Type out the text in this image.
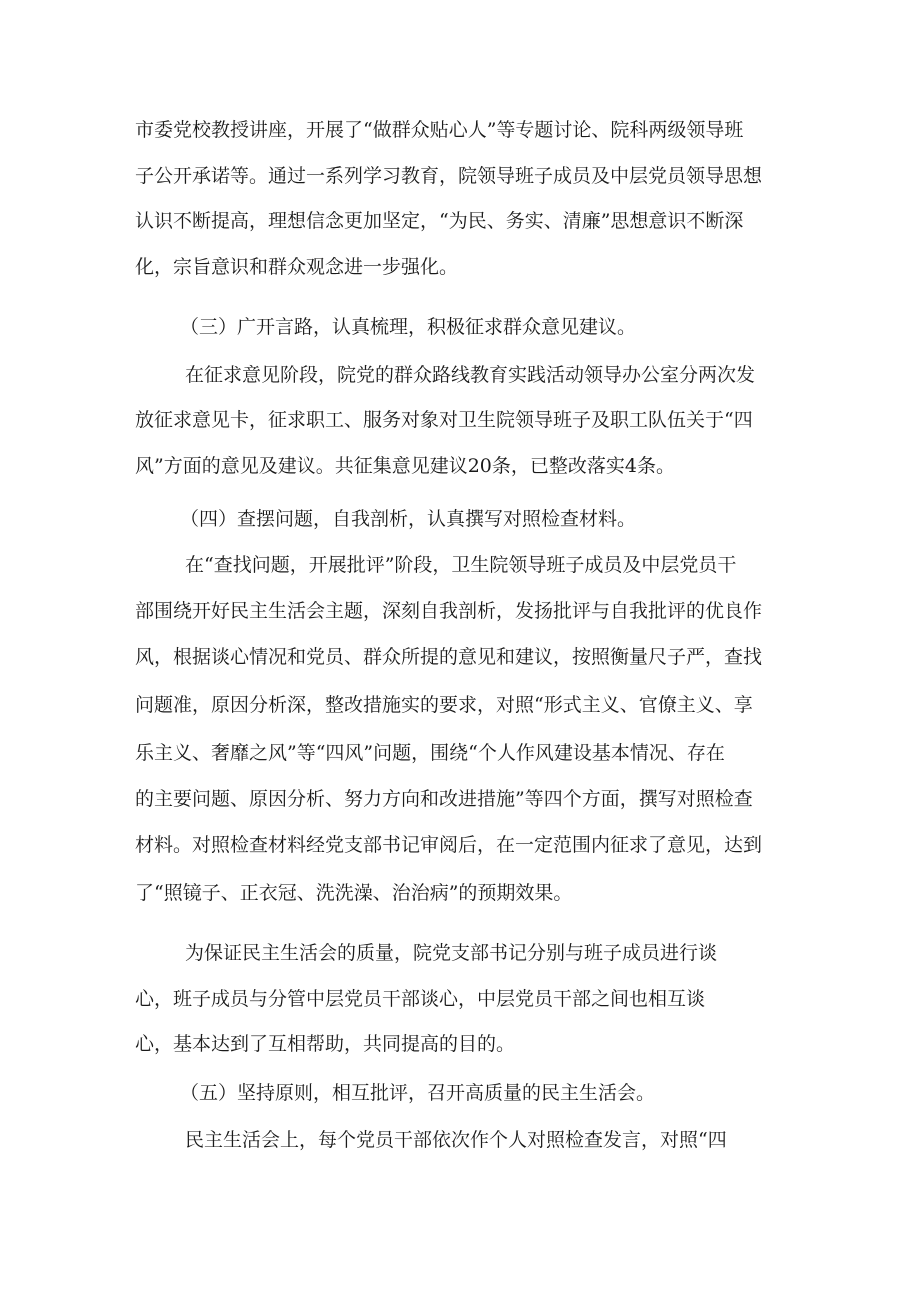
市委党校教授讲座，开展了“做群众贴心人”等专题讨论、院科两级领导班

子公开承诺等。通过一系列学习教育，院领导班子成员及中层党员领导思想

认识不断提高，理想信念更加坚定，“为民、务实、清廉”思想意识不断深

化，宗旨意识和群众观念进一步强化。

（三）广开言路，认真梳理，积极征求群众意见建议。

在征求意见阶段，院党的群众路线教育实践活动领导办公室分两次发

放征求意见卡，征求职工、服务对象对卫生院领导班子及职工队伍关于“四

风”方面的意见及建议。共征集意见建议20条，已整改落实4条。

（四）查摆问题，自我剖析，认真撰写对照检查材料。

在“查找问题，开展批评”阶段，卫生院领导班子成员及中层党员干

部围绕开好民主生活会主题，深刻自我剖析，发扬批评与自我批评的优良作

风，根据谈心情况和党员、群众所提的意见和建议，按照衡量尺子严，查找

问题准，原因分析深，整改措施实的要求，对照“形式主义、官僚主义、享

乐主义、奢靡之风”等“四风”问题，围绕“个人作风建设基本情况、存在

的主要问题、原因分析、努力方向和改进措施”等四个方面，撰写对照检查

材料。对照检查材料经党支部书记审阅后，在一定范围内征求了意见，达到

了“照镜子、正衣冠、洗洗澡、治治病”的预期效果。

为保证民主生活会的质量，院党支部书记分别与班子成员进行谈

心，班子成员与分管中层党员干部谈心，中层党员干部之间也相互谈

心，基本达到了互相帮助，共同提高的目的。

（五）坚持原则，相互批评，召开高质量的民主生活会。

民主生活会上，每个党员干部依次作个人对照检查发言，对照“四
